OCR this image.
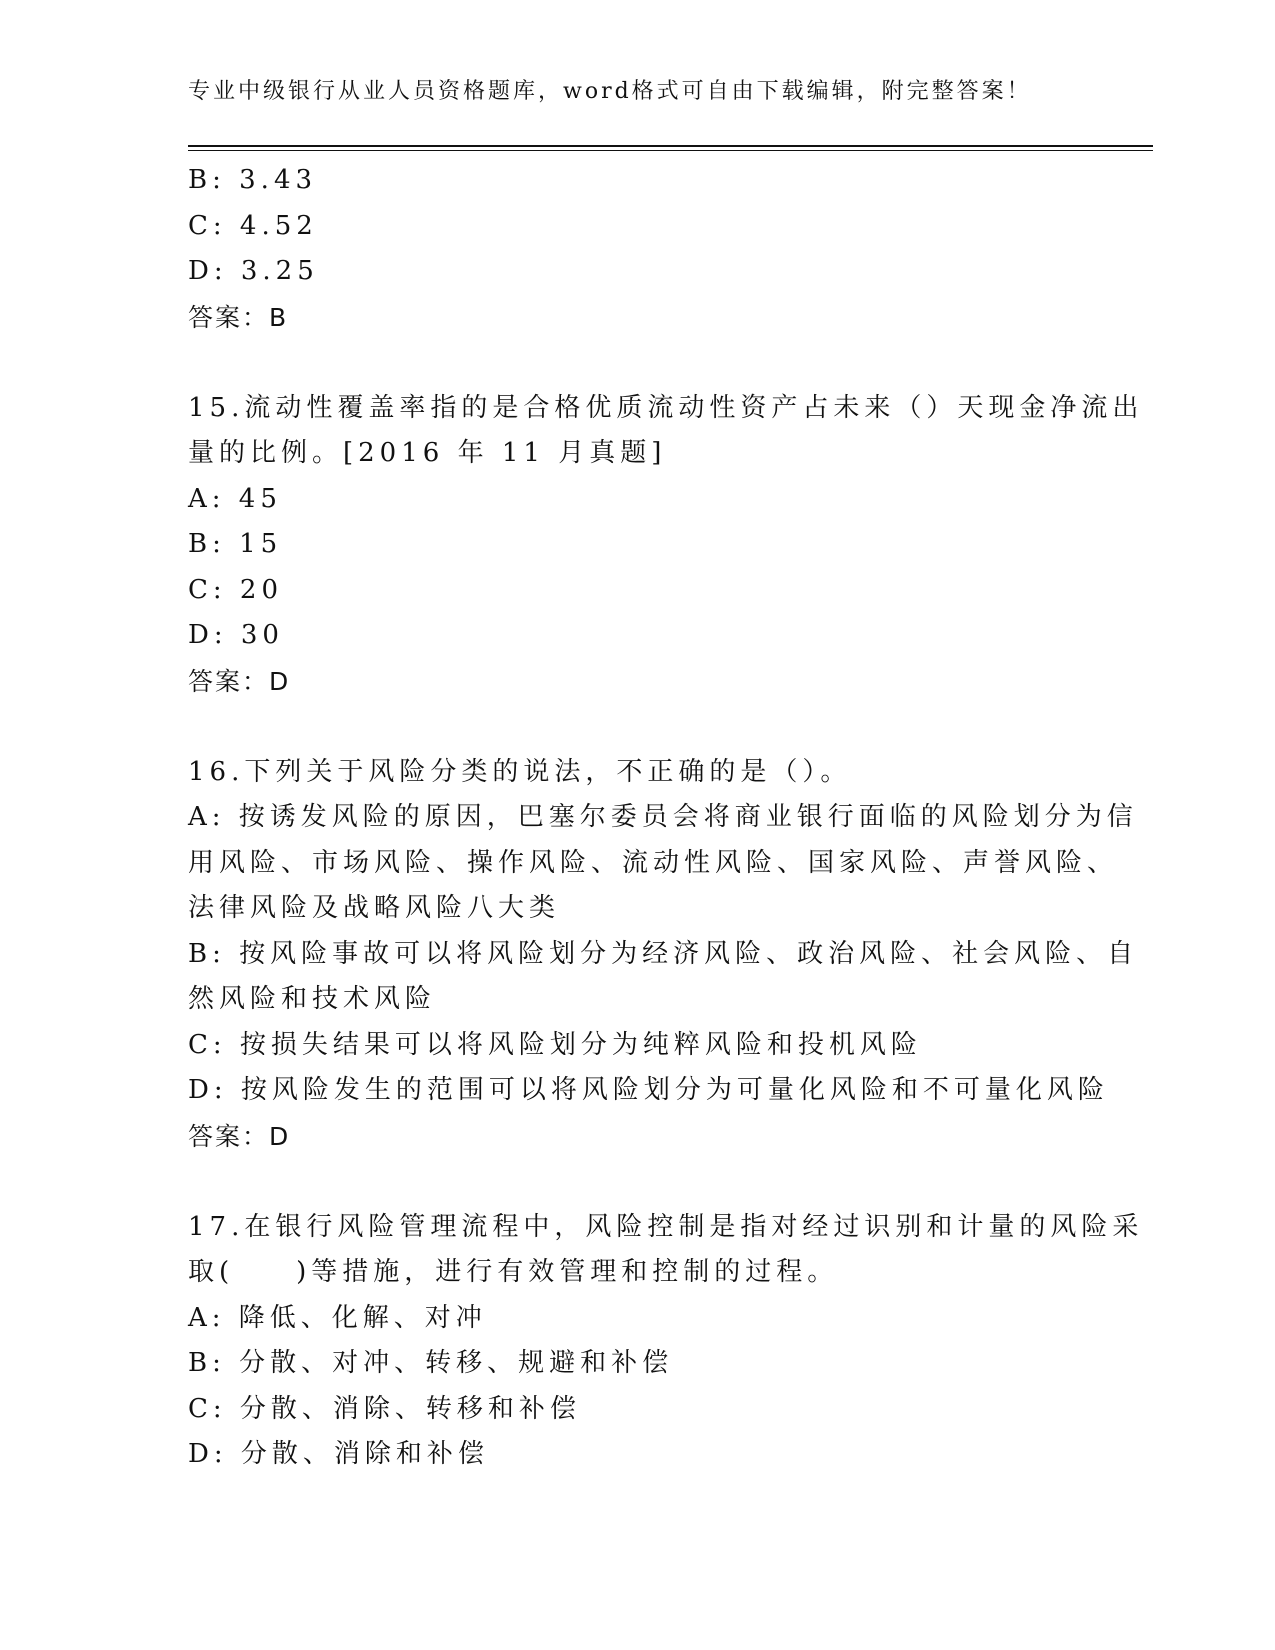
专业中级银行从业人员资格题库，word格式可自由下载编辑，附完整答案！
B: 3.43
C: 4.52
D: 3.25
答案：B
15.流动性覆盖率指的是合格优质流动性资产占未来（）天现金净流出
量的比例。[2016 年 11 月真题]
A: 45
B: 15
C: 20
D: 30
答案：D
16.下列关于风险分类的说法，不正确的是（）。
A: 按诱发风险的原因，巴塞尔委员会将商业银行面临的风险划分为信
用风险、市场风险、操作风险、流动性风险、国家风险、声誉风险、
法律风险及战略风险八大类
B: 按风险事故可以将风险划分为经济风险、政治风险、社会风险、自
然风险和技术风险
C: 按损失结果可以将风险划分为纯粹风险和投机风险
D: 按风险发生的范围可以将风险划分为可量化风险和不可量化风险
答案：D
17.在银行风险管理流程中，风险控制是指对经过识别和计量的风险采
取(　　)等措施，进行有效管理和控制的过程。
A: 降低、化解、对冲
B: 分散、对冲、转移、规避和补偿
C: 分散、消除、转移和补偿
D: 分散、消除和补偿
